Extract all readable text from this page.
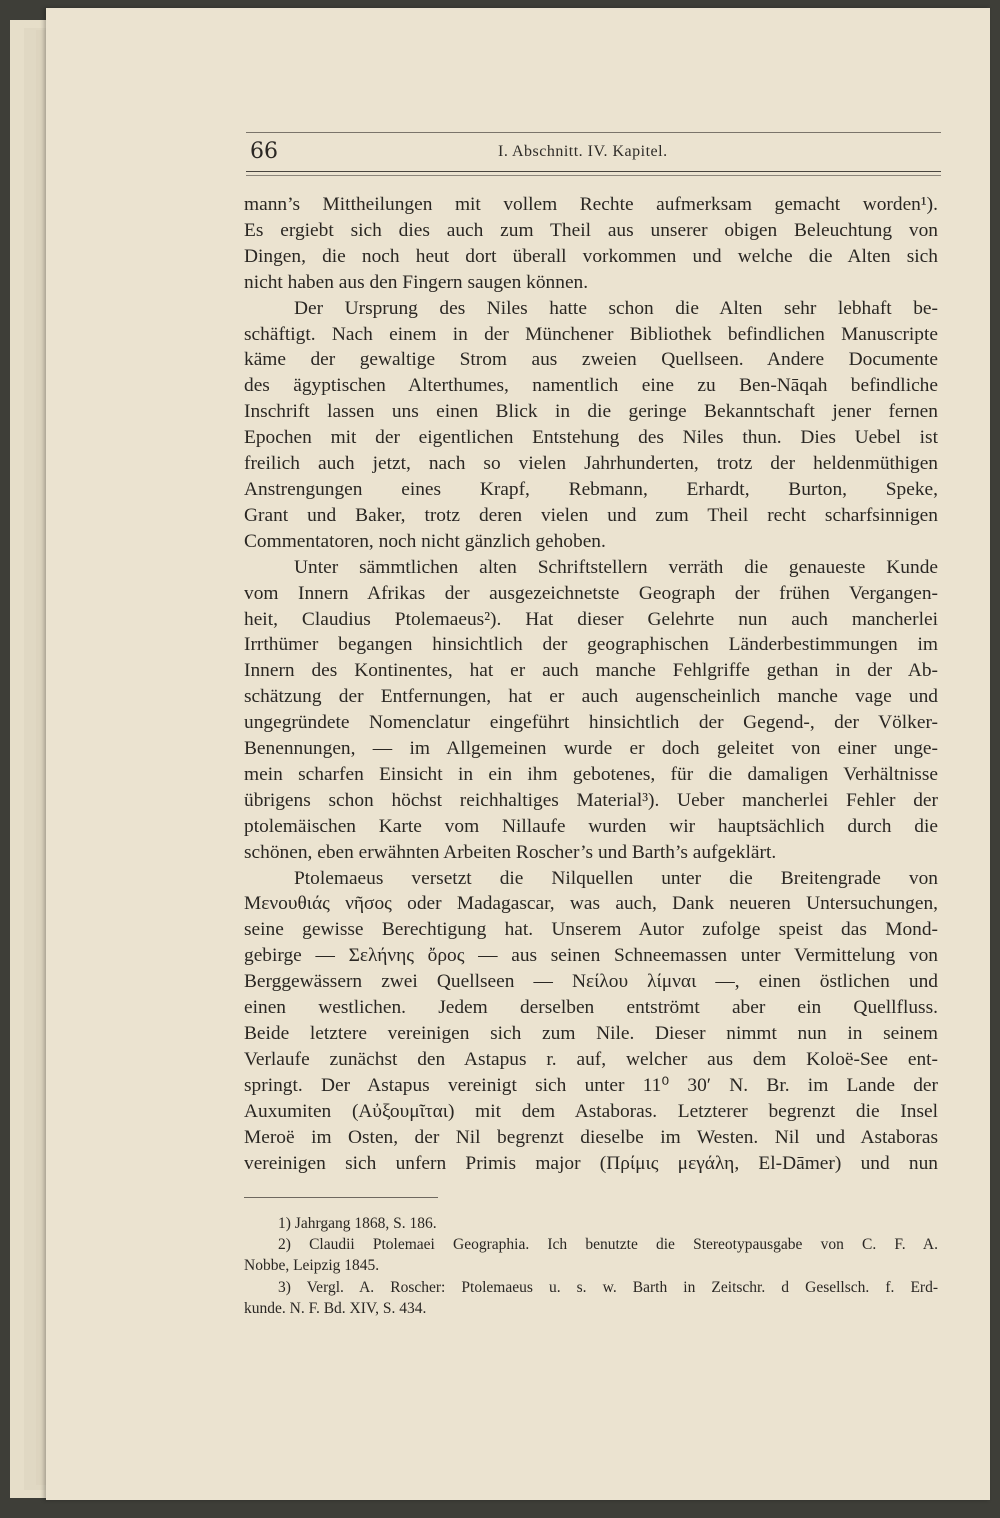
66	I. Abschnitt. IV. Kapitel.
mann’s Mittheilungen mit vollem Rechte aufmerksam gemacht worden¹).
Es ergiebt sich dies auch zum Theil aus unserer obigen Beleuchtung von
Dingen, die noch heut dort überall vorkommen und welche die Alten sich
nicht haben aus den Fingern saugen können.
Der Ursprung des Niles hatte schon die Alten sehr lebhaft be-
schäftigt. Nach einem in der Münchener Bibliothek befindlichen Manuscripte
käme der gewaltige Strom aus zweien Quellseen. Andere Documente
des ägyptischen Alterthumes, namentlich eine zu Ben-Nāqah befindliche
Inschrift lassen uns einen Blick in die geringe Bekanntschaft jener fernen
Epochen mit der eigentlichen Entstehung des Niles thun. Dies Uebel ist
freilich auch jetzt, nach so vielen Jahrhunderten, trotz der heldenmüthigen
Anstrengungen eines Krapf, Rebmann, Erhardt, Burton, Speke,
Grant und Baker, trotz deren vielen und zum Theil recht scharfsinnigen
Commentatoren, noch nicht gänzlich gehoben.
Unter sämmtlichen alten Schriftstellern verräth die genaueste Kunde
vom Innern Afrikas der ausgezeichnetste Geograph der frühen Vergangen-
heit, Claudius Ptolemaeus²). Hat dieser Gelehrte nun auch mancherlei
Irrthümer begangen hinsichtlich der geographischen Länderbestimmungen im
Innern des Kontinentes, hat er auch manche Fehlgriffe gethan in der Ab-
schätzung der Entfernungen, hat er auch augenscheinlich manche vage und
ungegründete Nomenclatur eingeführt hinsichtlich der Gegend-, der Völker-
Benennungen, — im Allgemeinen wurde er doch geleitet von einer unge-
mein scharfen Einsicht in ein ihm gebotenes, für die damaligen Verhältnisse
übrigens schon höchst reichhaltiges Material³). Ueber mancherlei Fehler der
ptolemäischen Karte vom Nillaufe wurden wir hauptsächlich durch die
schönen, eben erwähnten Arbeiten Roscher’s und Barth’s aufgeklärt.
Ptolemaeus versetzt die Nilquellen unter die Breitengrade von
Μενουθιάς νῆσος oder Madagascar, was auch, Dank neueren Untersuchungen,
seine gewisse Berechtigung hat. Unserem Autor zufolge speist das Mond-
gebirge — Σελήνης ὄρος — aus seinen Schneemassen unter Vermittelung von
Berggewässern zwei Quellseen — Νείλου λίμναι —, einen östlichen und
einen westlichen. Jedem derselben entströmt aber ein Quellfluss.
Beide letztere vereinigen sich zum Nile. Dieser nimmt nun in seinem
Verlaufe zunächst den Astapus r. auf, welcher aus dem Koloë-See ent-
springt. Der Astapus vereinigt sich unter 11⁰ 30′ N. Br. im Lande der
Auxumiten (Αὐξουμῖται) mit dem Astaboras. Letzterer begrenzt die Insel
Meroë im Osten, der Nil begrenzt dieselbe im Westen. Nil und Astaboras
vereinigen sich unfern Primis major (Πρίμις μεγάλη, El-Dāmer) und nun
1) Jahrgang 1868, S. 186.
2) Claudii Ptolemaei Geographia. Ich benutzte die Stereotypausgabe von C. F. A.
Nobbe, Leipzig 1845.
3) Vergl. A. Roscher: Ptolemaeus u. s. w. Barth in Zeitschr. d Gesellsch. f. Erd-
kunde. N. F. Bd. XIV, S. 434.
